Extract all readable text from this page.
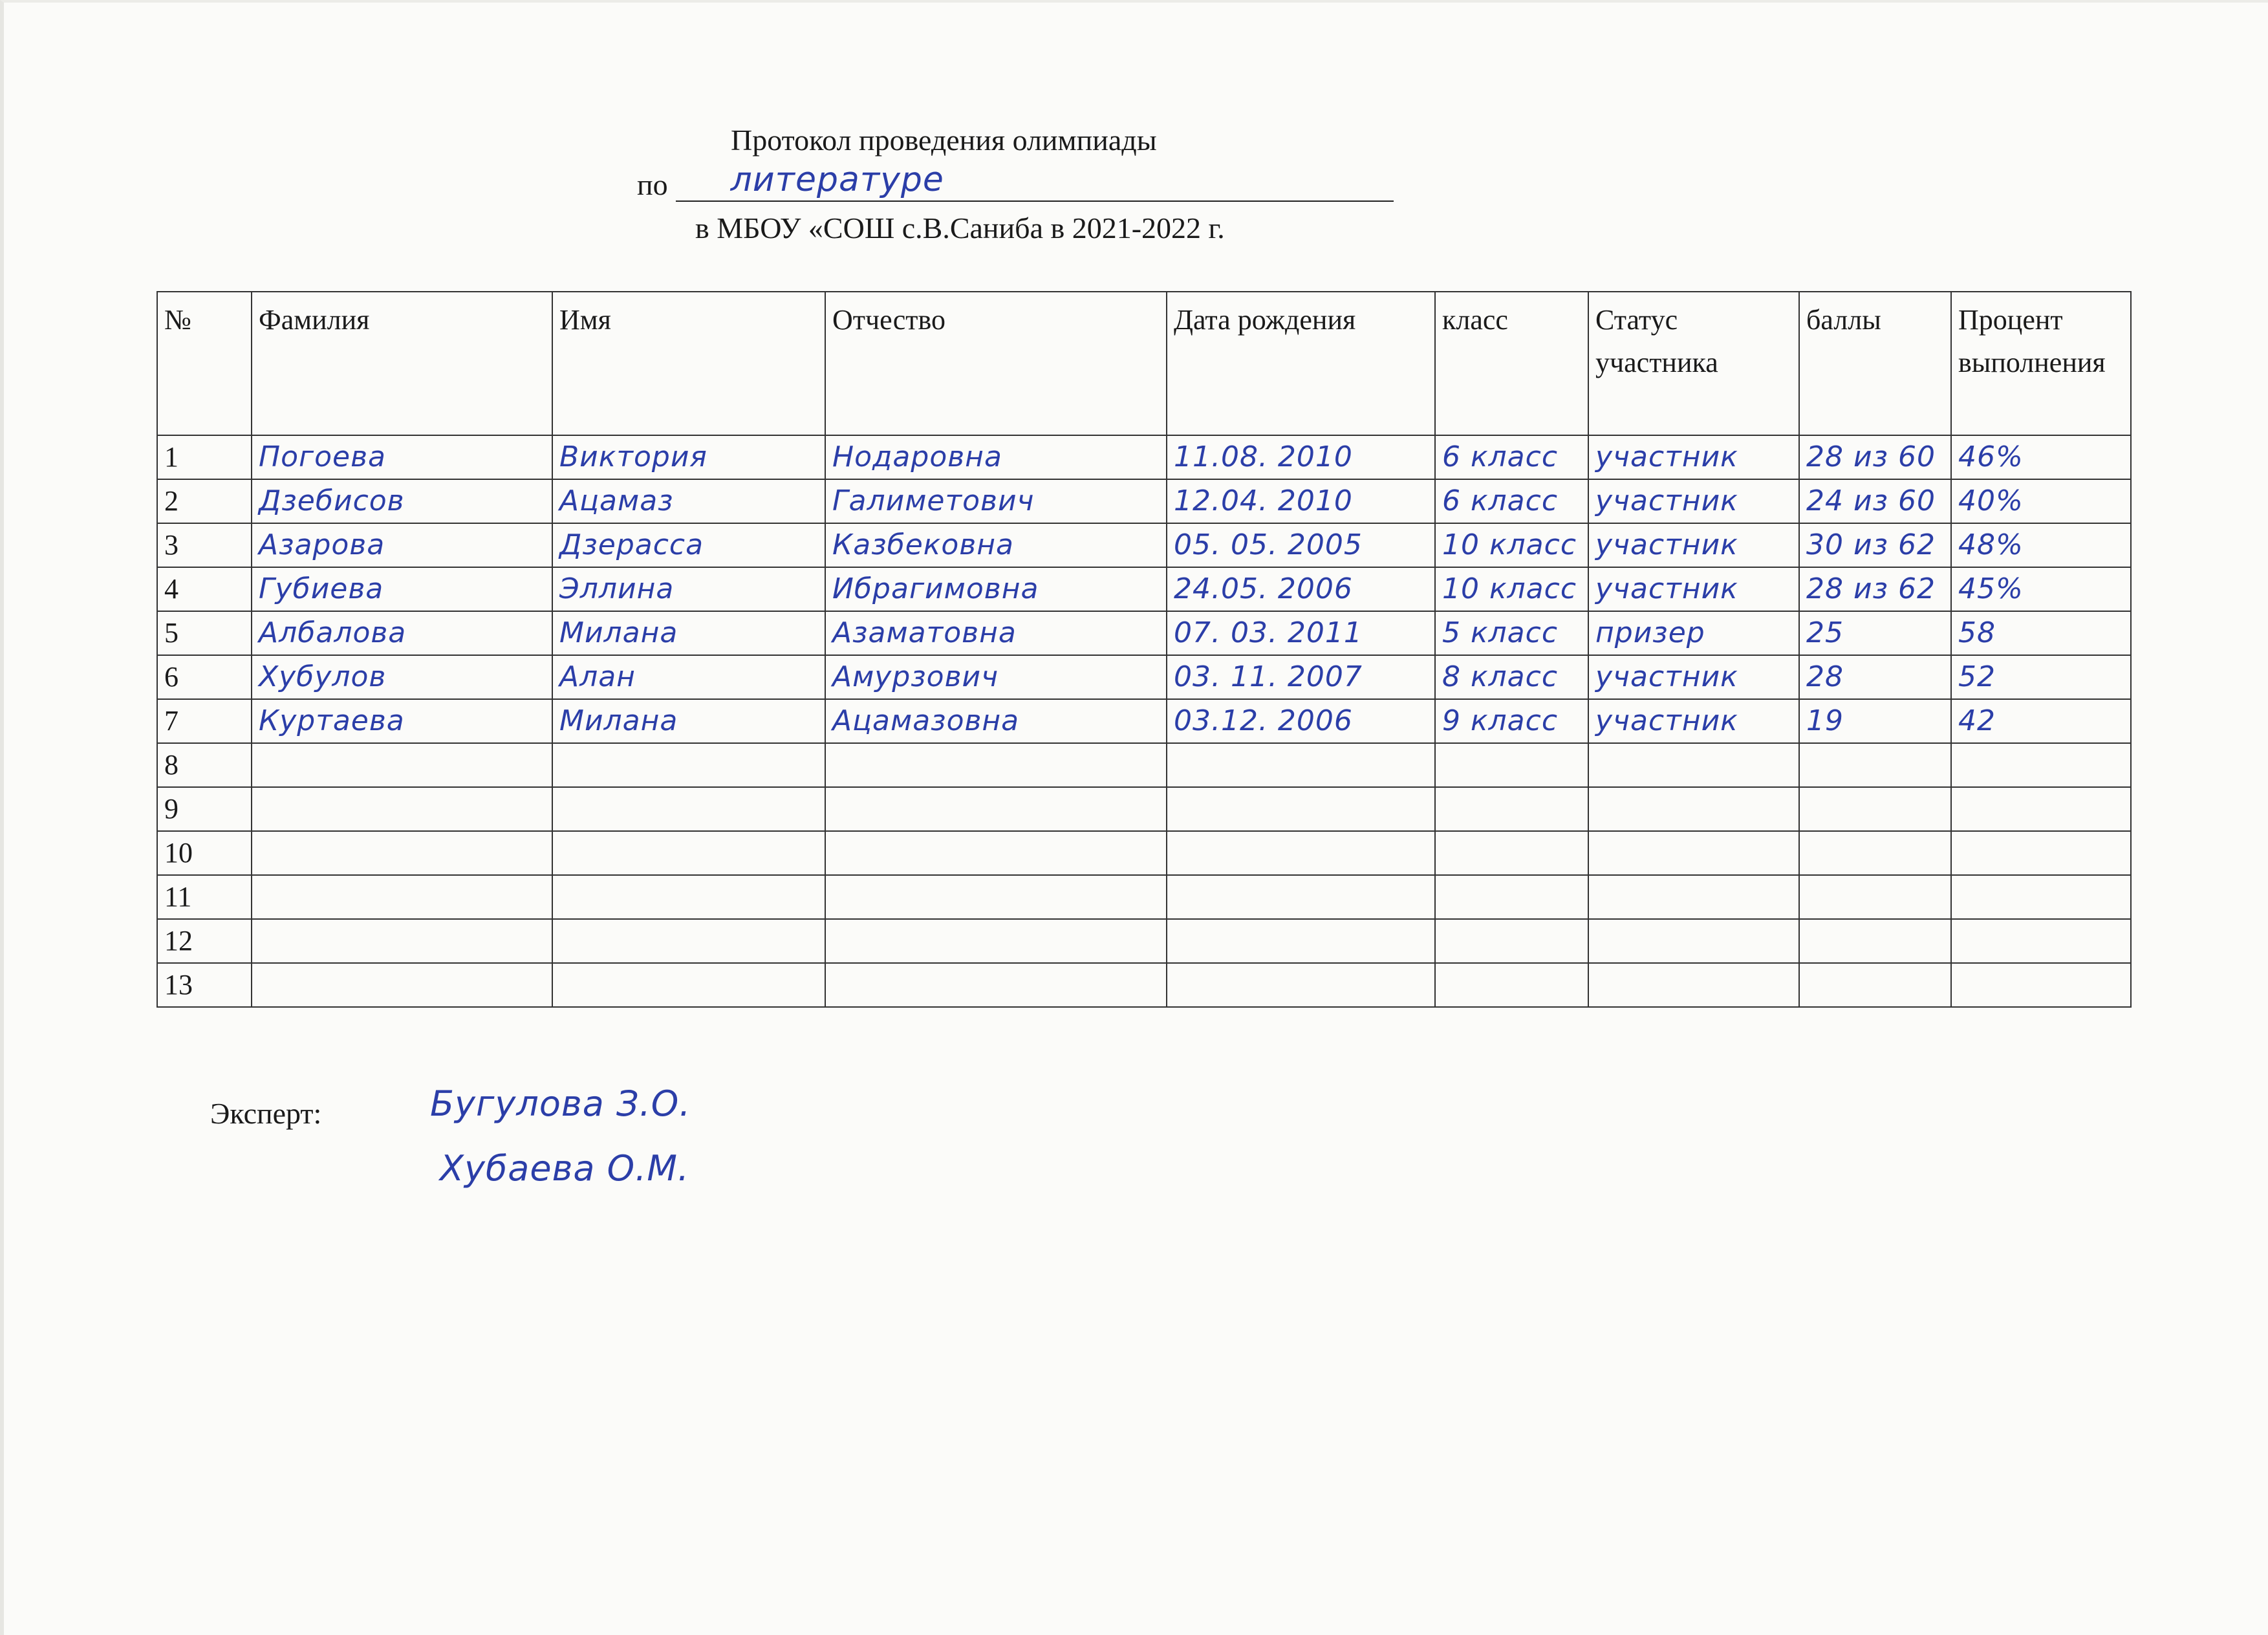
Протокол проведения олимпиады
по литературе
в МБОУ «СОШ с.В.Саниба в 2021-2022 г.
№	Фамилия	Имя	Отчество	Дата рождения	класс	Статус участника	баллы	Процент выполнения
1	Погоева	Виктория	Нодаровна	11.08. 2010	6 класс	участник	28 из 60	46%
2	Дзебисов	Ацамаз	Галиметович	12.04. 2010	6 класс	участник	24 из 60	40%
3	Азарова	Дзерасса	Казбековна	05. 05. 2005	10 класс	участник	30 из 62	48%
4	Губиева	Эллина	Ибрагимовна	24.05. 2006	10 класс	участник	28 из 62	45%
5	Албалова	Милана	Азаматовна	07. 03. 2011	5 класс	призер	25	58
6	Хубулов	Алан	Амурзович	03. 11. 2007	8 класс	участник	28	52
7	Куртаева	Милана	Ацамазовна	03.12. 2006	9 класс	участник	19	42
8								
9								
10								
11								
12								
13								
Эксперт:	Бугулова З.О.
Хубаева О.М.
